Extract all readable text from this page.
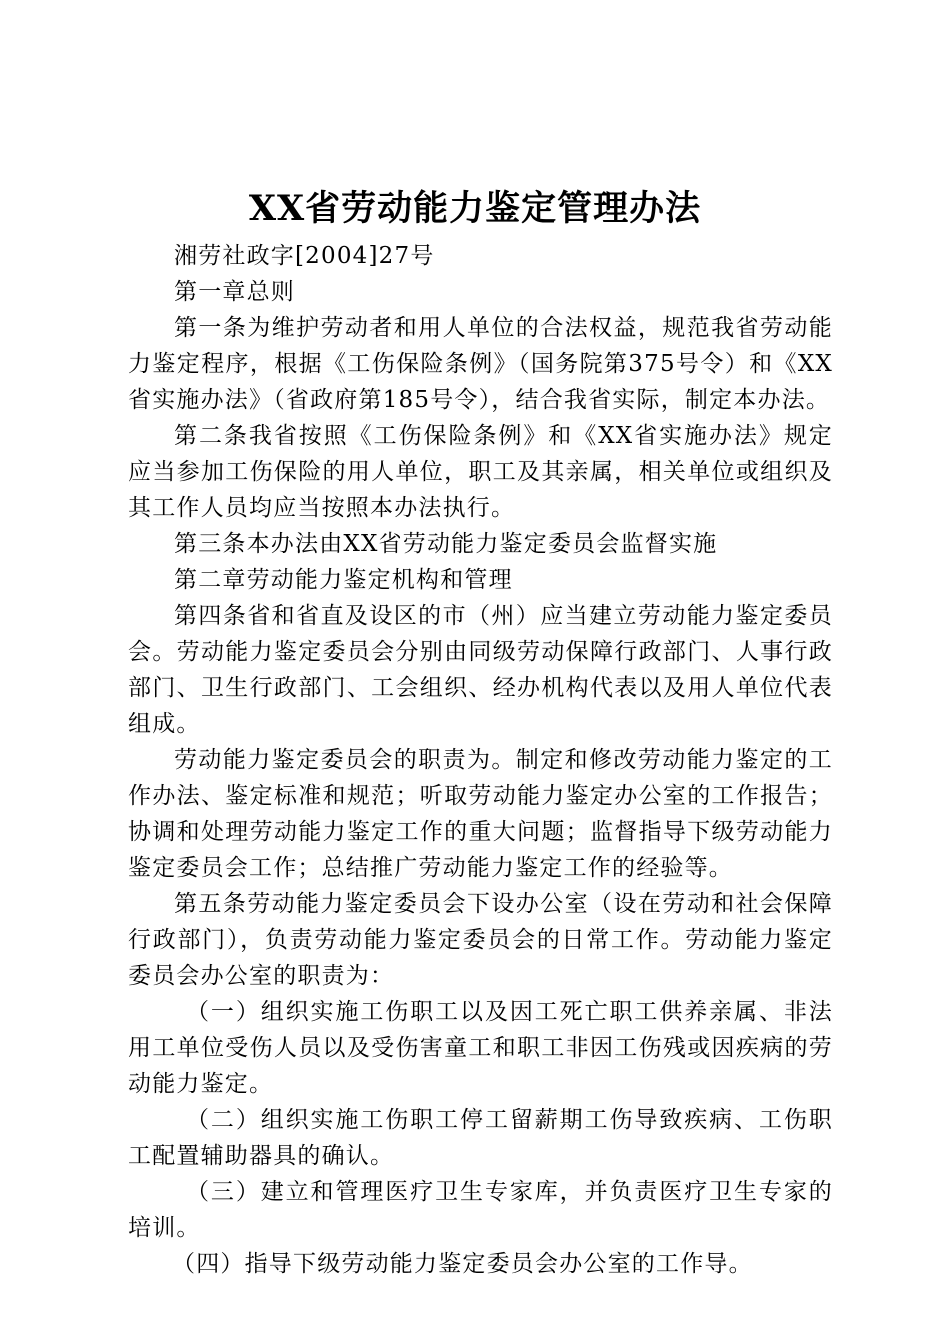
XX省劳动能力鉴定管理办法

湘劳社政字[2004]27号

第一章总则

第一条为维护劳动者和用人单位的合法权益，规范我省劳动能力鉴定程序，根据《工伤保险条例》（国务院第375号令）和《XX省实施办法》（省政府第185号令），结合我省实际，制定本办法。

第二条我省按照《工伤保险条例》和《XX省实施办法》规定应当参加工伤保险的用人单位，职工及其亲属，相关单位或组织及其工作人员均应当按照本办法执行。

第三条本办法由XX省劳动能力鉴定委员会监督实施

第二章劳动能力鉴定机构和管理

第四条省和省直及设区的市（州）应当建立劳动能力鉴定委员会。劳动能力鉴定委员会分别由同级劳动保障行政部门、人事行政部门、卫生行政部门、工会组织、经办机构代表以及用人单位代表组成。

劳动能力鉴定委员会的职责为。制定和修改劳动能力鉴定的工作办法、鉴定标准和规范；听取劳动能力鉴定办公室的工作报告；协调和处理劳动能力鉴定工作的重大问题；监督指导下级劳动能力鉴定委员会工作；总结推广劳动能力鉴定工作的经验等。

第五条劳动能力鉴定委员会下设办公室（设在劳动和社会保障行政部门），负责劳动能力鉴定委员会的日常工作。劳动能力鉴定委员会办公室的职责为：

（一）组织实施工伤职工以及因工死亡职工供养亲属、非法用工单位受伤人员以及受伤害童工和职工非因工伤残或因疾病的劳动能力鉴定。

（二）组织实施工伤职工停工留薪期工伤导致疾病、工伤职工配置辅助器具的确认。

（三）建立和管理医疗卫生专家库，并负责医疗卫生专家的培训。

（四）指导下级劳动能力鉴定委员会办公室的工作导。
